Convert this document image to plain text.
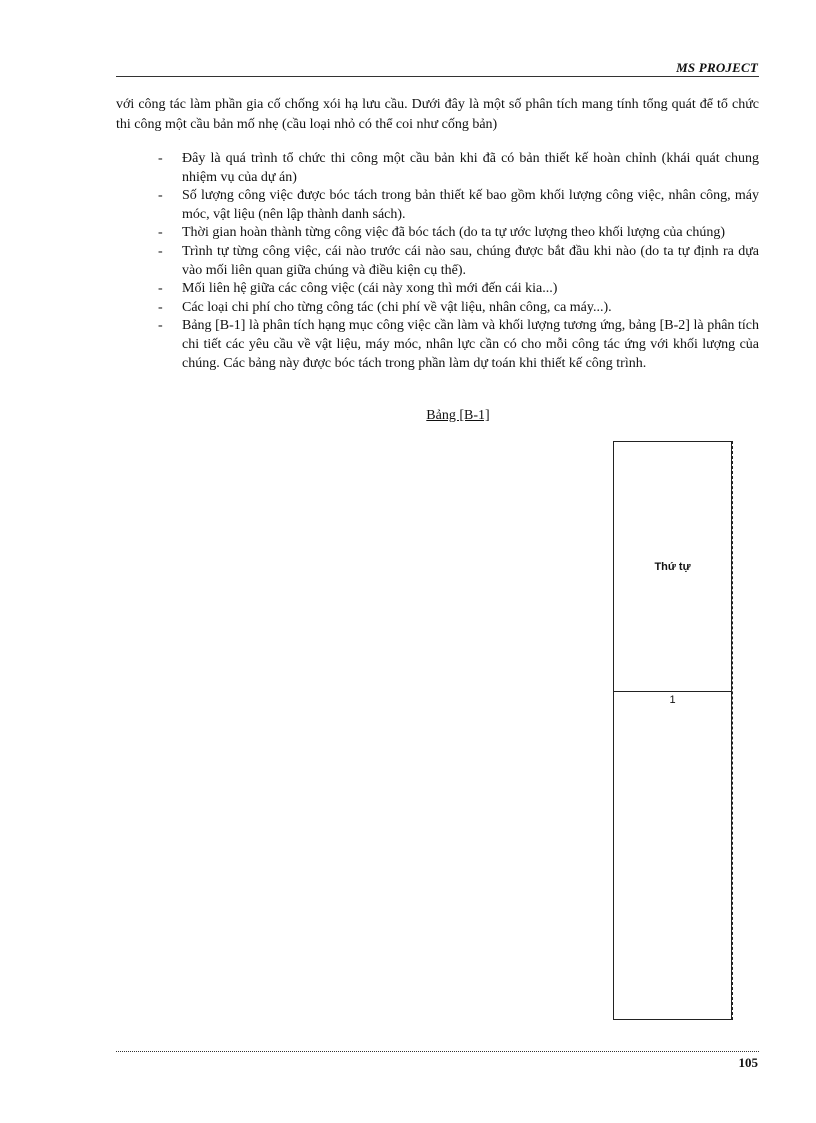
MS PROJECT

với công tác làm phần gia cố chống xói hạ lưu cầu. Dưới đây là một số phân tích mang tính tổng quát để tổ chức thi công một cầu bản mố nhẹ (cầu loại nhỏ có thể coi như cống bản)

- Đây là quá trình tổ chức thi công một cầu bản khi đã có bản thiết kế hoàn chỉnh (khái quát chung nhiệm vụ của dự án)
- Số lượng công việc được bóc tách trong bản thiết kế bao gồm khối lượng công việc, nhân công, máy móc, vật liệu (nên lập thành danh sách).
- Thời gian hoàn thành từng công việc đã bóc tách (do ta tự ước lượng theo khối lượng của chúng)
- Trình tự từng công việc, cái nào trước cái nào sau, chúng được bắt đầu khi nào (do ta tự định ra dựa vào mối liên quan giữa chúng và điều kiện cụ thể).
- Mối liên hệ giữa các công việc (cái này xong thì mới đến cái kia...)
- Các loại chi phí cho từng công tác (chi phí về vật liệu, nhân công, ca máy...).
- Bảng [B-1] là phân tích hạng mục công việc cần làm và khối lượng tương ứng, bảng [B-2] là phân tích chi tiết các yêu cầu về vật liệu, máy móc, nhân lực cần có cho mỗi công tác ứng với khối lượng của chúng. Các bảng này được bóc tách trong phần làm dự toán khi thiết kế công trình.
Bảng [B-1]
Thứ tự
1
105
